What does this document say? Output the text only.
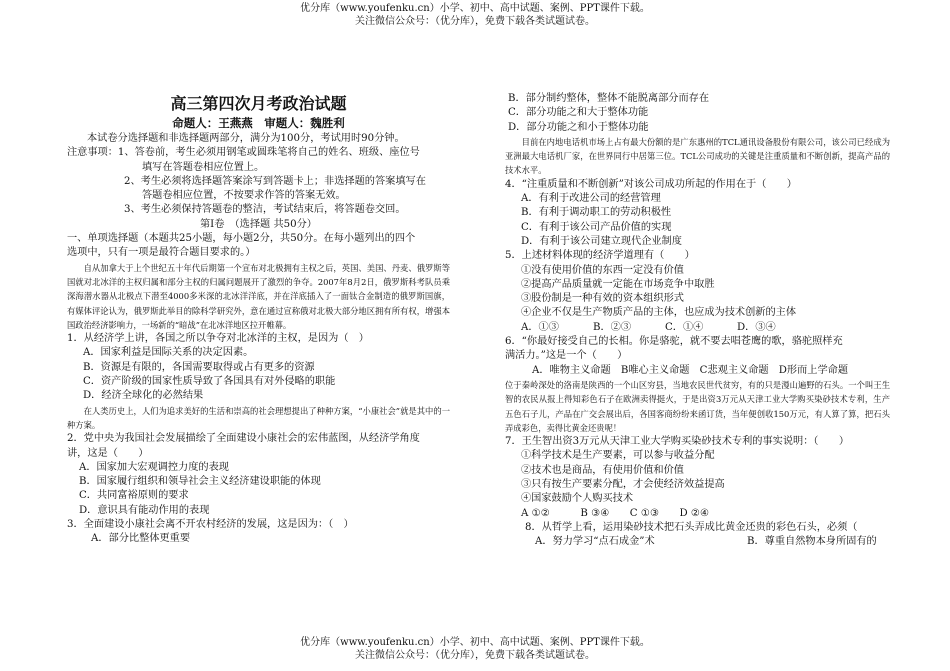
优分库（www.youfenku.cn）小学、初中、高中试题、案例、PPT课件下载。
关注微信公众号：（优分库），免费下载各类试题试卷。
高三第四次月考政治试题
命题人：王燕燕　审题人：魏胜利
本试卷分选择题和非选择题两部分，满分为100分，考试用时90分钟。
注意事项：1、答卷前，考生必须用钢笔或圆珠笔将自己的姓名、班级、座位号
填写在答题卷相应位置上。
2、考生必须将选择题答案涂写到答题卡上；非选择题的答案填写在
答题卷相应位置，不按要求作答的答案无效。
3、考生必须保持答题卷的整洁，考试结束后，将答题卷交回。
第Ⅰ卷　（选择题 共50分）
一、单项选择题（本题共25小题，每小题2分，共50分。在每小题列出的四个
选项中，只有一项是最符合题目要求的。）
自从加拿大于上个世纪五十年代后期第一个宣布对北极拥有主权之后，英国、美国、丹麦、俄罗斯等国就对北冰洋的主权归属和部分主权的归属问题展开了激烈的争夺。2007年8月2日，俄罗斯科考队员乘深海潜水器从北极点下潜至4000多米深的北冰洋洋底，并在洋底插入了一面钛合金制造的俄罗斯国旗，有媒体评论认为，俄罗斯此举目的除科学研究外，意在通过宣称俄对北极大部分地区拥有所有权，增强本国政治经济影响力，一场新的“暗战”在北冰洋地区拉开帷幕。
1．从经济学上讲，各国之所以争夺对北冰洋的主权，是因为（　）
A．国家利益是国际关系的决定因素。
B．资源是有限的，各国需要取得或占有更多的资源
C．资产阶级的国家性质导致了各国具有对外侵略的职能
D．经济全球化的必然结果
在人类历史上，人们为追求美好的生活和崇高的社会理想提出了种种方案，“小康社会”就是其中的一种方案。
2．党中央为我国社会发展描绘了全面建设小康社会的宏伟蓝图，从经济学角度
讲，这是（　　）
A．国家加大宏观调控力度的表现
B．国家履行组织和领导社会主义经济建设职能的体现
C．共同富裕原则的要求
D．意识具有能动作用的表现
3．全面建设小康社会离不开农村经济的发展，这是因为：（　）
A．部分比整体更重要
B．部分制约整体，整体不能脱离部分而存在
C．部分功能之和大于整体功能
D．部分功能之和小于整体功能
目前在内地电话机市场上占有最大份额的是广东惠州的TCL通讯设备股份有限公司，该公司已经成为亚洲最大电话机厂家，在世界同行中居第三位。TCL公司成功的关键是注重质量和不断创新，提高产品的技术水平。
4．“注重质量和不断创新”对该公司成功所起的作用在于（　　）
A．有利于改进公司的经营管理
B．有利于调动职工的劳动积极性
C．有利于该公司产品价值的实现
D．有利于该公司建立现代企业制度
5．上述材料体现的经济学道理有（　　）
①没有使用价值的东西一定没有价值
②提高产品质量就一定能在市场竞争中取胜
③股份制是一种有效的资本组织形式
④企业不仅是生产物质产品的主体，也应成为技术创新的主体
A．①③	B．②③	C．①④	D．③④
6．“你最好接受自己的长相。你是骆驼，就不要去唱苍鹰的歌，骆驼照样充
满活力。”这是一个（　　）
A．唯物主义命题　B唯心主义命题　C悲观主义命题　D形而上学命题
位于秦岭深处的洛南是陕西的一个山区穷县，当地农民世代贫穷，有的只是漫山遍野的石头。一个叫王生智的农民从报上得知彩色石子在欧洲卖得挺火，于是出资3万元从天津工业大学购买染砂技术专利，生产五色石子儿，产品在广交会展出后，各国客商纷纷来函订货，当年便创收150万元，有人算了算，把石头弄成彩色，卖得比黄金还贵呢！
7．王生智出资3万元从天津工业大学购买染砂技术专利的事实说明：（　　）
①科学技术是生产要素，可以参与收益分配
②技术也是商品，有使用价值和价值
③只有按生产要素分配，才会使经济效益提高
④国家鼓励个人购买技术
A ①②　　　B ③④　　C ①③　　D ②④
8．从哲学上看，运用染砂技术把石头弄成比黄金还贵的彩色石头，必须（
A．努力学习“点石成金”术	B．尊重自然物本身所固有的
优分库（www.youfenku.cn）小学、初中、高中试题、案例、PPT课件下载。
关注微信公众号：（优分库），免费下载各类试题试卷。
